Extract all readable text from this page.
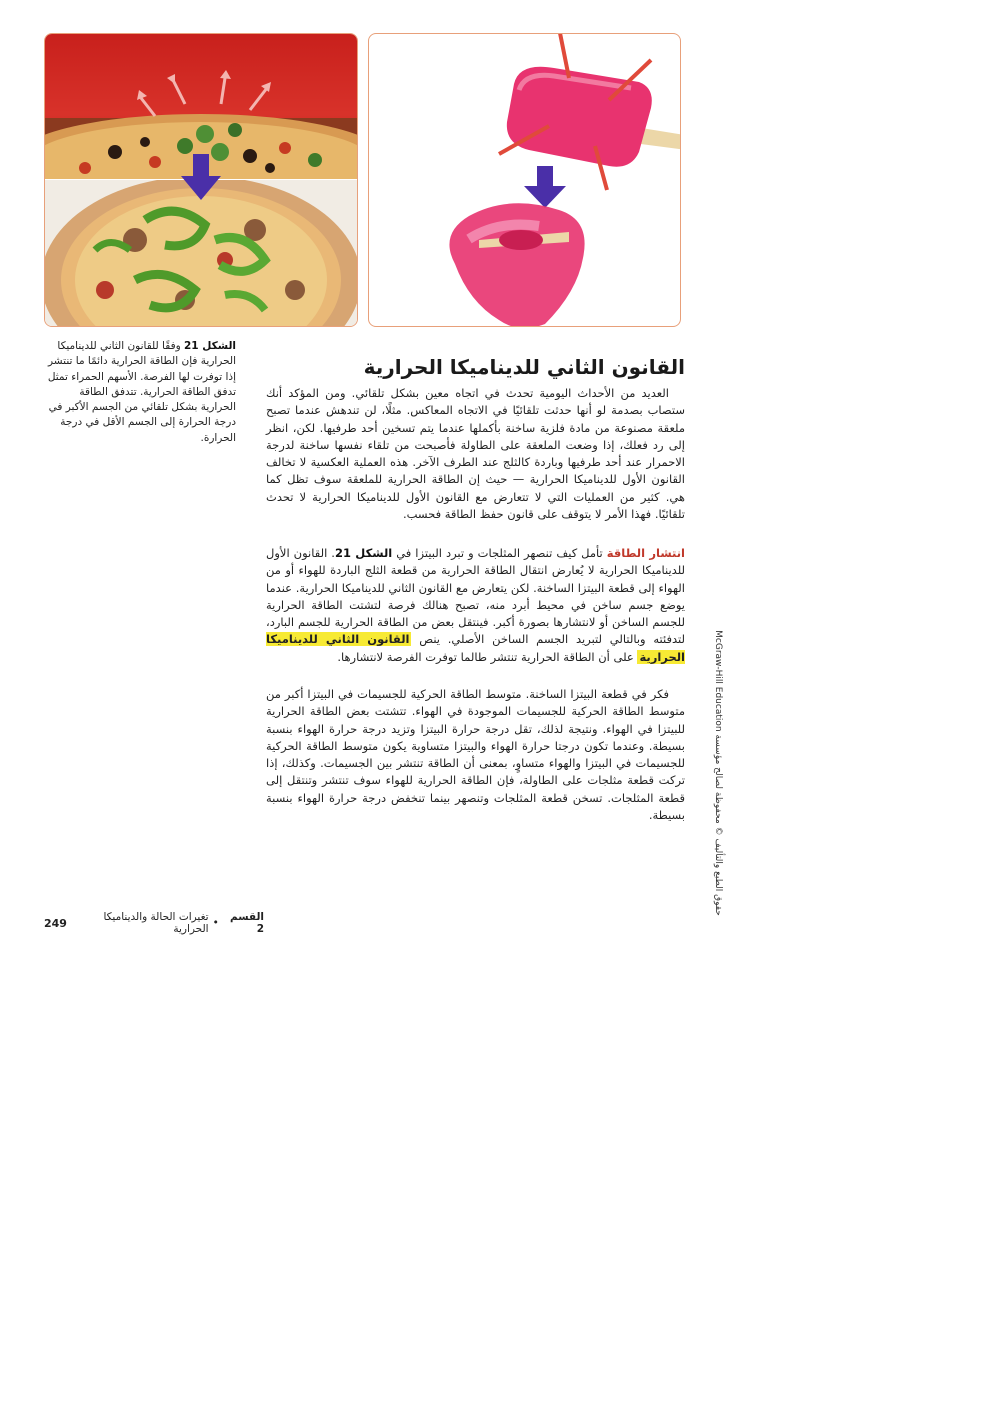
الشكل 21 وفقًا للقانون الثاني للديناميكا الحرارية فإن الطاقة الحرارية دائمًا ما تنتشر إذا توفرت لها الفرصة. الأسهم الحمراء تمثل تدفق الطاقة الحرارية. تتدفق الطاقة الحرارية بشكل تلقائي من الجسم الأكبر في درجة الحرارة إلى الجسم الأقل في درجة الحرارة.
القانون الثاني للديناميكا الحرارية

العديد من الأحداث اليومية تحدث في اتجاه معين بشكل تلقائي. ومن المؤكد أنك ستصاب بصدمة لو أنها حدثت تلقائيًا في الاتجاه المعاكس. مثلًا، لن تندهش عندما تصبح ملعقة مصنوعة من مادة فلزية ساخنة بأكملها عندما يتم تسخين أحد طرفيها. لكن، انظر إلى رد فعلك، إذا وضعت الملعقة على الطاولة فأصبحت من تلقاء نفسها ساخنة لدرجة الاحمرار عند أحد طرفيها وباردة كالثلج عند الطرف الآخر. هذه العملية العكسية لا تخالف القانون الأول للديناميكا الحرارية — حيث إن الطاقة الحرارية للملعقة سوف تظل كما هي. كثير من العمليات التي لا تتعارض مع القانون الأول للديناميكا الحرارية لا تحدث تلقائيًا. فهذا الأمر لا يتوقف على قانون حفظ الطاقة فحسب.

انتشار الطاقة تأمل كيف تنصهر المثلجات و تبرد البيتزا في الشكل 21. القانون الأول للديناميكا الحرارية لا يُعارض انتقال الطاقة الحرارية من قطعة الثلج الباردة للهواء أو من الهواء إلى قطعة البيتزا الساخنة. لكن يتعارض مع القانون الثاني للديناميكا الحرارية. عندما يوضع جسم ساخن في محيط أبرد منه، تصبح هنالك فرصة لتشتت الطاقة الحرارية للجسم الساخن أو لانتشارها بصورة أكبر. فينتقل بعض من الطاقة الحرارية للجسم البارد، لتدفئته وبالتالي لتبريد الجسم الساخن الأصلي. ينص القانون الثاني للديناميكا الحرارية على أن الطاقة الحرارية تنتشر طالما توفرت الفرصة لانتشارها.

فكر في قطعة البيتزا الساخنة. متوسط الطاقة الحركية للجسيمات في البيتزا أكبر من متوسط الطاقة الحركية للجسيمات الموجودة في الهواء. تتشتت بعض الطاقة الحرارية للبيتزا في الهواء. ونتيجة لذلك، تقل درجة حرارة البيتزا وتزيد درجة حرارة الهواء بنسبة بسيطة. وعندما تكون درجتا حرارة الهواء والبيتزا متساوية يكون متوسط الطاقة الحركية للجسيمات في البيتزا والهواء متساوٍ، بمعنى أن الطاقة تنتشر بين الجسيمات. وكذلك، إذا تركت قطعة مثلجات على الطاولة، فإن الطاقة الحرارية للهواء سوف تنتشر وتنتقل إلى قطعة المثلجات. تسخن قطعة المثلجات وتنصهر بينما تنخفض درجة حرارة الهواء بنسبة بسيطة.

حقوق الطبع والتأليف © محفوظة لصالح مؤسسة McGraw-Hill Education
القسم 2
•
تغيرات الحالة والديناميكا الحرارية
249
